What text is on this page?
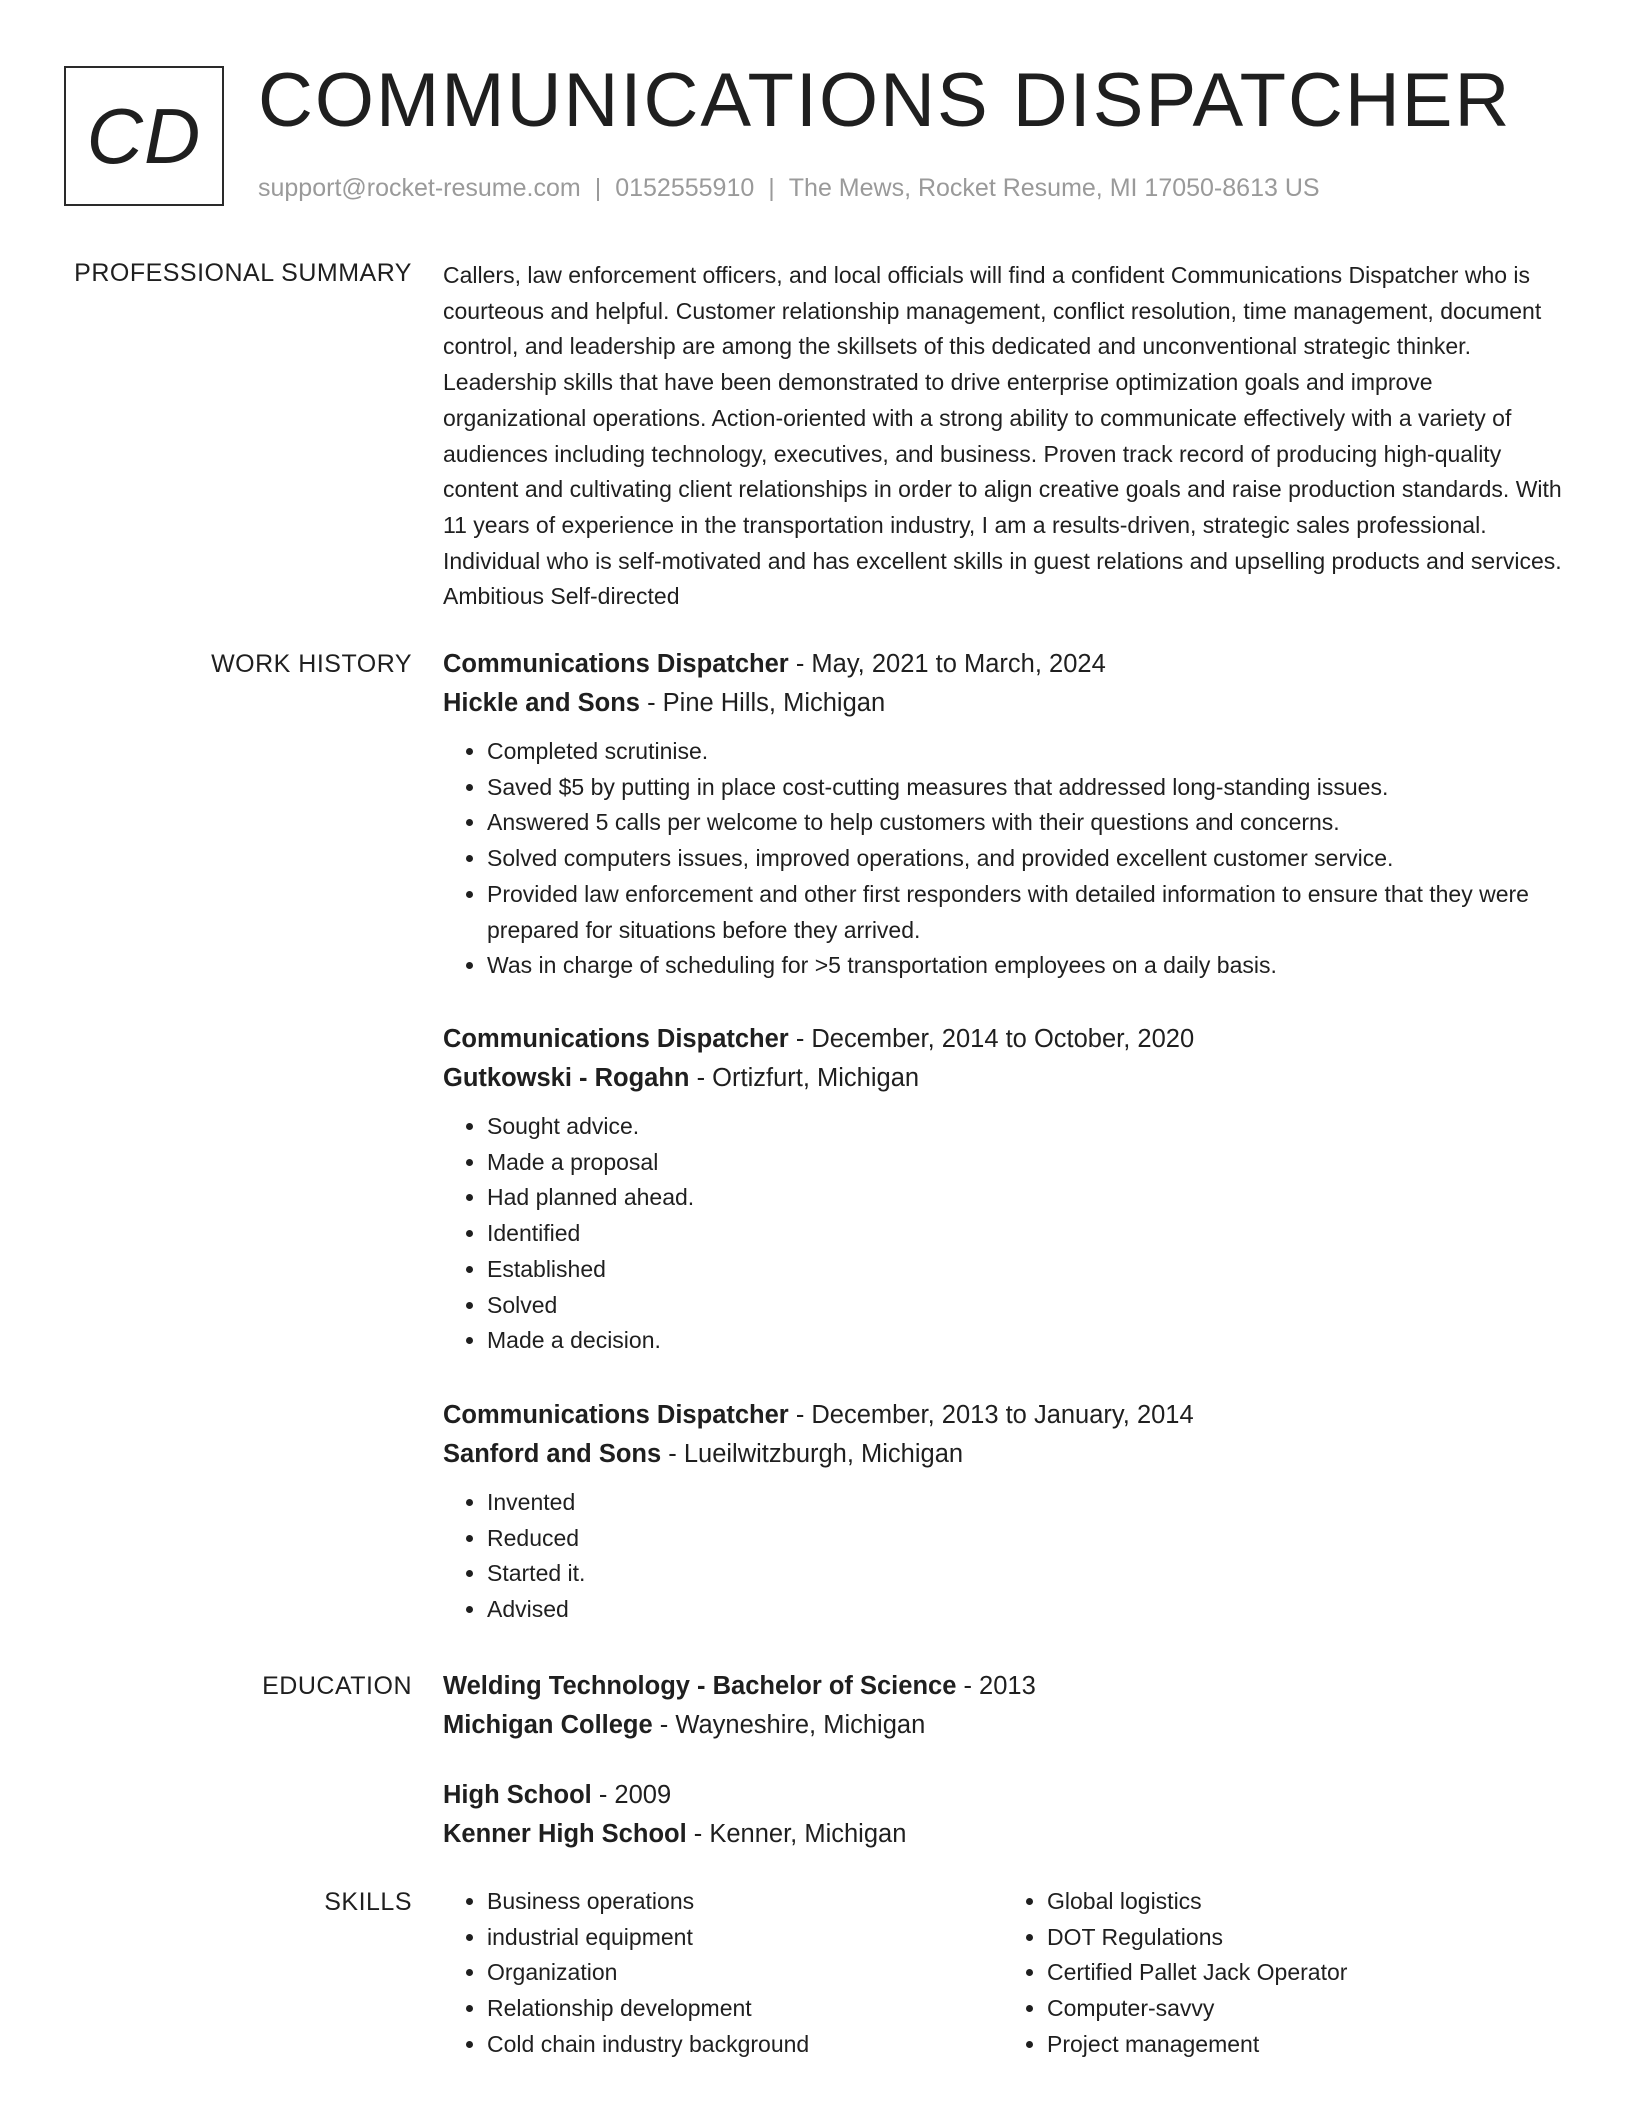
CD COMMUNICATIONS DISPATCHER
support@rocket-resume.com | 0152555910 | The Mews, Rocket Resume, MI 17050-8613 US
PROFESSIONAL SUMMARY Callers, law enforcement officers, and local officials will find a confident Communications Dispatcher who is courteous and helpful. Customer relationship management, conflict resolution, time management, document control, and leadership are among the skillsets of this dedicated and unconventional strategic thinker. Leadership skills that have been demonstrated to drive enterprise optimization goals and improve organizational operations. Action-oriented with a strong ability to communicate effectively with a variety of audiences including technology, executives, and business. Proven track record of producing high-quality content and cultivating client relationships in order to align creative goals and raise production standards. With 11 years of experience in the transportation industry, I am a results-driven, strategic sales professional. Individual who is self-motivated and has excellent skills in guest relations and upselling products and services. Ambitious Self-directed
WORK HISTORY Communications Dispatcher - May, 2021 to March, 2024
Hickle and Sons - Pine Hills, Michigan
• Completed scrutinise.
• Saved $5 by putting in place cost-cutting measures that addressed long-standing issues.
• Answered 5 calls per welcome to help customers with their questions and concerns.
• Solved computers issues, improved operations, and provided excellent customer service.
• Provided law enforcement and other first responders with detailed information to ensure that they were prepared for situations before they arrived.
• Was in charge of scheduling for >5 transportation employees on a daily basis.
Communications Dispatcher - December, 2014 to October, 2020
Gutkowski - Rogahn - Ortizfurt, Michigan
• Sought advice.
• Made a proposal
• Had planned ahead.
• Identified
• Established
• Solved
• Made a decision.
Communications Dispatcher - December, 2013 to January, 2014
Sanford and Sons - Lueilwitzburgh, Michigan
• Invented
• Reduced
• Started it.
• Advised
EDUCATION Welding Technology - Bachelor of Science - 2013
Michigan College - Wayneshire, Michigan
High School - 2009
Kenner High School - Kenner, Michigan
SKILLS
•	Business operations
• industrial equipment
• Organization
• Relationship development
• Cold chain industry background
• Global logistics
• DOT Regulations
• Certified Pallet Jack Operator
• Computer-savvy
• Project management
